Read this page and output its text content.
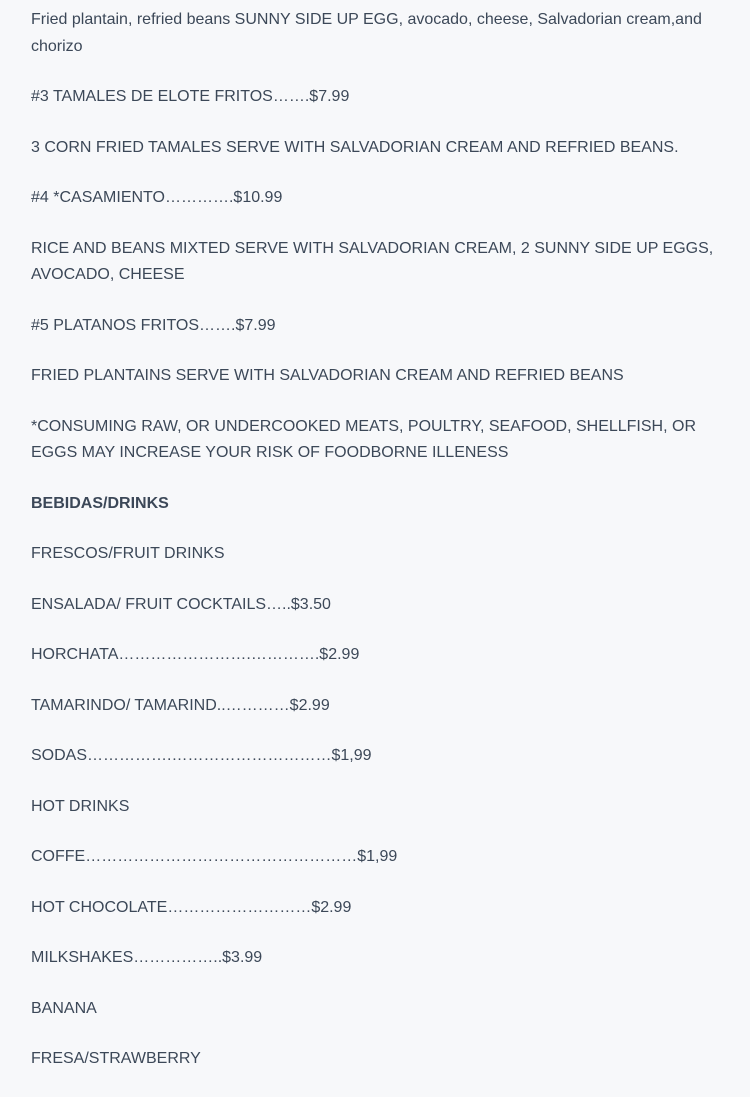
Fried plantain, refried beans SUNNY SIDE UP EGG, avocado, cheese, Salvadorian cream,and chorizo

#3 TAMALES DE ELOTE FRITOS…….$7.99

3 CORN FRIED TAMALES SERVE WITH SALVADORIAN CREAM AND REFRIED BEANS.

#4 *CASAMIENTO………….$10.99

RICE AND BEANS MIXTED SERVE WITH SALVADORIAN CREAM, 2 SUNNY SIDE UP EGGS, AVOCADO, CHEESE

#5 PLATANOS FRITOS…….$7.99

FRIED PLANTAINS SERVE WITH SALVADORIAN CREAM AND REFRIED BEANS

*CONSUMING RAW, OR UNDERCOOKED MEATS, POULTRY, SEAFOOD, SHELLFISH, OR EGGS MAY INCREASE YOUR RISK OF FOODBORNE ILLENESS

BEBIDAS/DRINKS

FRESCOS/FRUIT DRINKS

ENSALADA/ FRUIT COCKTAILS…..$3.50

HORCHATA…………………….………….$2.99

TAMARINDO/ TAMARIND..…………$2.99

SODAS…………….…………………………$1,99

HOT DRINKS

COFFE……………………………………………$1,99

HOT CHOCOLATE………………………$2.99

MILKSHAKES……………..$3.99

BANANA

FRESA/STRAWBERRY
